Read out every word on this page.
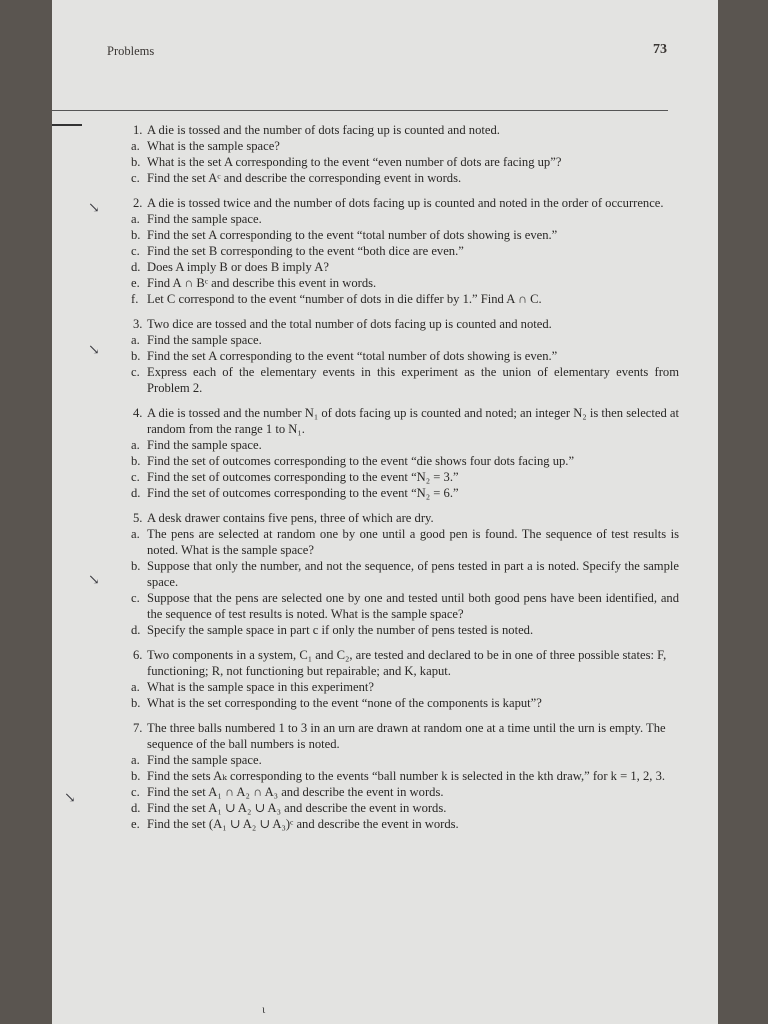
Problems	73
↘
↘
↘
↘
1. A die is tossed and the number of dots facing up is counted and noted.
a. What is the sample space?
b. What is the set A corresponding to the event “even number of dots are facing up”?
c. Find the set Aᶜ and describe the corresponding event in words.
2. A die is tossed twice and the number of dots facing up is counted and noted in the order of occurrence.
a. Find the sample space.
b. Find the set A corresponding to the event “total number of dots showing is even.”
c. Find the set B corresponding to the event “both dice are even.”
d. Does A imply B or does B imply A?
e. Find A ∩ Bᶜ and describe this event in words.
f. Let C correspond to the event “number of dots in die differ by 1.” Find A ∩ C.
3. Two dice are tossed and the total number of dots facing up is counted and noted.
a. Find the sample space.
b. Find the set A corresponding to the event “total number of dots showing is even.”
c. Express each of the elementary events in this experiment as the union of elementary events from Problem 2.
4. A die is tossed and the number N₁ of dots facing up is counted and noted; an integer N₂ is then selected at random from the range 1 to N₁.
a. Find the sample space.
b. Find the set of outcomes corresponding to the event “die shows four dots facing up.”
c. Find the set of outcomes corresponding to the event “N₂ = 3.”
d. Find the set of outcomes corresponding to the event “N₂ = 6.”
5. A desk drawer contains five pens, three of which are dry.
a. The pens are selected at random one by one until a good pen is found. The sequence of test results is noted. What is the sample space?
b. Suppose that only the number, and not the sequence, of pens tested in part a is noted. Specify the sample space.
c. Suppose that the pens are selected one by one and tested until both good pens have been identified, and the sequence of test results is noted. What is the sample space?
d. Specify the sample space in part c if only the number of pens tested is noted.
6. Two components in a system, C₁ and C₂, are tested and declared to be in one of three possible states: F, functioning; R, not functioning but repairable; and K, kaput.
a. What is the sample space in this experiment?
b. What is the set corresponding to the event “none of the components is kaput”?
7. The three balls numbered 1 to 3 in an urn are drawn at random one at a time until the urn is empty. The sequence of the ball numbers is noted.
a. Find the sample space.
b. Find the sets Aₖ corresponding to the events “ball number k is selected in the kth draw,” for k = 1, 2, 3.
c. Find the set A₁ ∩ A₂ ∩ A₃ and describe the event in words.
d. Find the set A₁ ∪ A₂ ∪ A₃ and describe the event in words.
e. Find the set (A₁ ∪ A₂ ∪ A₃)ᶜ and describe the event in words.
ɩ
